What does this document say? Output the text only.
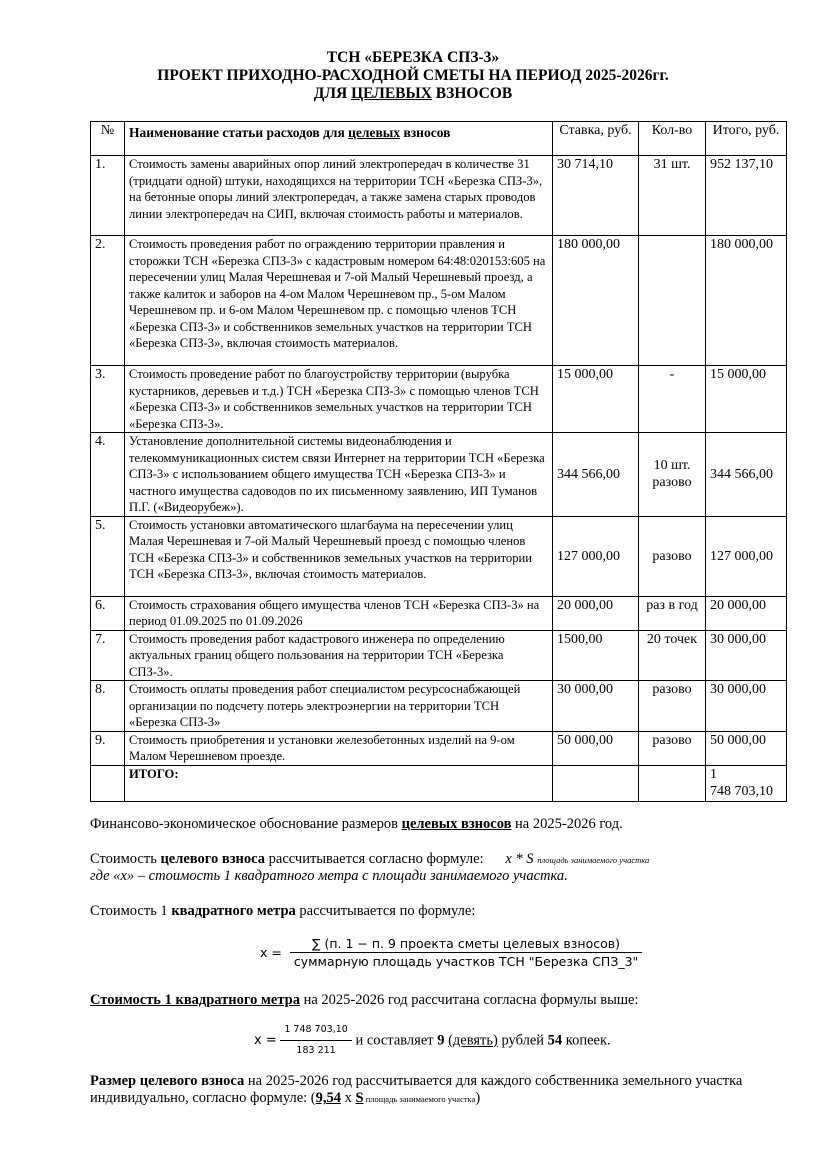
ТСН «БЕРЕЗКА СПЗ-3»
ПРОЕКТ ПРИХОДНО-РАСХОДНОЙ СМЕТЫ НА ПЕРИОД 2025-2026гг.
ДЛЯ ЦЕЛЕВЫХ ВЗНОСОВ
№	Наименование статьи расходов для целевых взносов	Ставка, руб.	Кол-во	Итого, руб.
1.	Стоимость замены аварийных опор линий электропередач в количестве 31 (тридцати одной) штуки, находящихся на территории ТСН «Березка СПЗ-3», на бетонные опоры линий электропередач, а также замена старых проводов линии электропередач на СИП, включая стоимость работы и материалов.	30 714,10	31 шт.	952 137,10
2.	Стоимость проведения работ по ограждению территории правления и сторожки ТСН «Березка СПЗ-3» с кадастровым номером 64:48:020153:605 на пересечении улиц Малая Черешневая и 7-ой Малый Черешневый проезд, а также калиток и заборов на 4-ом Малом Черешневом пр., 5-ом Малом Черешневом пр. и 6-ом Малом Черешневом пр. с помощью членов ТСН «Березка СПЗ-3» и собственников земельных участков на территории ТСН «Березка СПЗ-3», включая стоимость материалов.	180 000,00		180 000,00
3.	Стоимость проведение работ по благоустройству территории (вырубка кустарников, деревьев и т.д.) ТСН «Березка СПЗ-3» с помощью членов ТСН «Березка СПЗ-3» и собственников земельных участков на территории ТСН «Березка СПЗ-3».	15 000,00	-	15 000,00
4.	Установление дополнительной системы видеонаблюдения и телекоммуникационных систем связи Интернет на территории ТСН «Березка СПЗ-3» с использованием общего имущества ТСН «Березка СПЗ-3» и частного имущества садоводов по их письменному заявлению, ИП Туманов П.Г. («Видеорубеж»).	344 566,00	10 шт. разово	344 566,00
5.	Стоимость установки автоматического шлагбаума на пересечении улиц Малая Черешневая и 7-ой Малый Черешневый проезд с помощью членов ТСН «Березка СПЗ-3» и собственников земельных участков на территории ТСН «Березка СПЗ-3», включая стоимость материалов.	127 000,00	разово	127 000,00
6.	Стоимость страхования общего имущества членов ТСН «Березка СПЗ-3» на период 01.09.2025 по 01.09.2026	20 000,00	раз в год	20 000,00
7.	Стоимость проведения работ кадастрового инженера по определению актуальных границ общего пользования на территории ТСН «Березка СПЗ-3».	1500,00	20 точек	30 000,00
8.	Стоимость оплаты проведения работ специалистом ресурсоснабжающей организации по подсчету потерь электроэнергии на территории ТСН «Березка СПЗ-3»	30 000,00	разово	30 000,00
9.	Стоимость приобретения и установки железобетонных изделий на 9-ом Малом Черешневом проезде.	50 000,00	разово	50 000,00
	ИТОГО:			1
748 703,10

Финансово-экономическое обоснование размеров целевых взносов на 2025-2026 год.

Стоимость целевого взноса рассчитывается согласно формуле: x * S площадь занимаемого участка

где «х» – стоимость 1 квадратного метра с площади занимаемого участка.

Стоимость 1 квадратного метра рассчитывается по формуле:

$x = \frac{\text{∑ (п. 1 − п. 9 проекта сметы целевых взносов)}}{\text{суммарную площадь участков ТСН "Березка СПЗ\_3"}}$

Стоимость 1 квадратного метра на 2025-2026 год рассчитана согласна формулы выше:

$x = \frac{1 748 703,10}{183 211}$ и составляет 9 (девять) рублей 54 копеек.

Размер целевого взноса на 2025-2026 год рассчитывается для каждого собственника земельного участка

индивидуально, согласно формуле: (9,54 x S площадь занимаемого участка)
